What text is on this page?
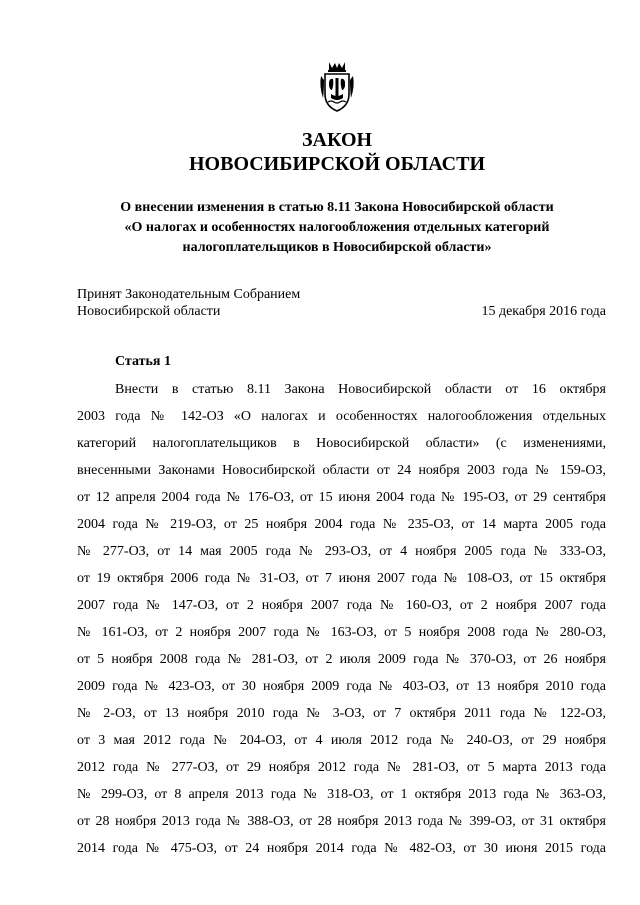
ЗАКОН
НОВОСИБИРСКОЙ ОБЛАСТИ
О внесении изменения в статью 8.11 Закона Новосибирской области
«О налогах и особенностях налогообложения отдельных категорий
налогоплательщиков в Новосибирской области»
Принят Законодательным Собранием
Новосибирской области	15 декабря 2016 года
Статья 1
Внести в статью 8.11 Закона Новосибирской области от 16 октября
2003 года № 142-ОЗ «О налогах и особенностях налогообложения отдельных
категорий налогоплательщиков в Новосибирской области» (с изменениями,
внесенными Законами Новосибирской области от 24 ноября 2003 года № 159-ОЗ,
от 12 апреля 2004 года № 176-ОЗ, от 15 июня 2004 года № 195-ОЗ, от 29 сентября
2004 года № 219-ОЗ, от 25 ноября 2004 года № 235-ОЗ, от 14 марта 2005 года
№ 277-ОЗ, от 14 мая 2005 года № 293-ОЗ, от 4 ноября 2005 года № 333-ОЗ,
от 19 октября 2006 года № 31-ОЗ, от 7 июня 2007 года № 108-ОЗ, от 15 октября
2007 года № 147-ОЗ, от 2 ноября 2007 года № 160-ОЗ, от 2 ноября 2007 года
№ 161-ОЗ, от 2 ноября 2007 года № 163-ОЗ, от 5 ноября 2008 года № 280-ОЗ,
от 5 ноября 2008 года № 281-ОЗ, от 2 июля 2009 года № 370-ОЗ, от 26 ноября
2009 года № 423-ОЗ, от 30 ноября 2009 года № 403-ОЗ, от 13 ноября 2010 года
№ 2-ОЗ, от 13 ноября 2010 года № 3-ОЗ, от 7 октября 2011 года № 122-ОЗ,
от 3 мая 2012 года № 204-ОЗ, от 4 июля 2012 года № 240-ОЗ, от 29 ноября
2012 года № 277-ОЗ, от 29 ноября 2012 года № 281-ОЗ, от 5 марта 2013 года
№ 299-ОЗ, от 8 апреля 2013 года № 318-ОЗ, от 1 октября 2013 года № 363-ОЗ,
от 28 ноября 2013 года № 388-ОЗ, от 28 ноября 2013 года № 399-ОЗ, от 31 октября
2014 года № 475-ОЗ, от 24 ноября 2014 года № 482-ОЗ, от 30 июня 2015 года
